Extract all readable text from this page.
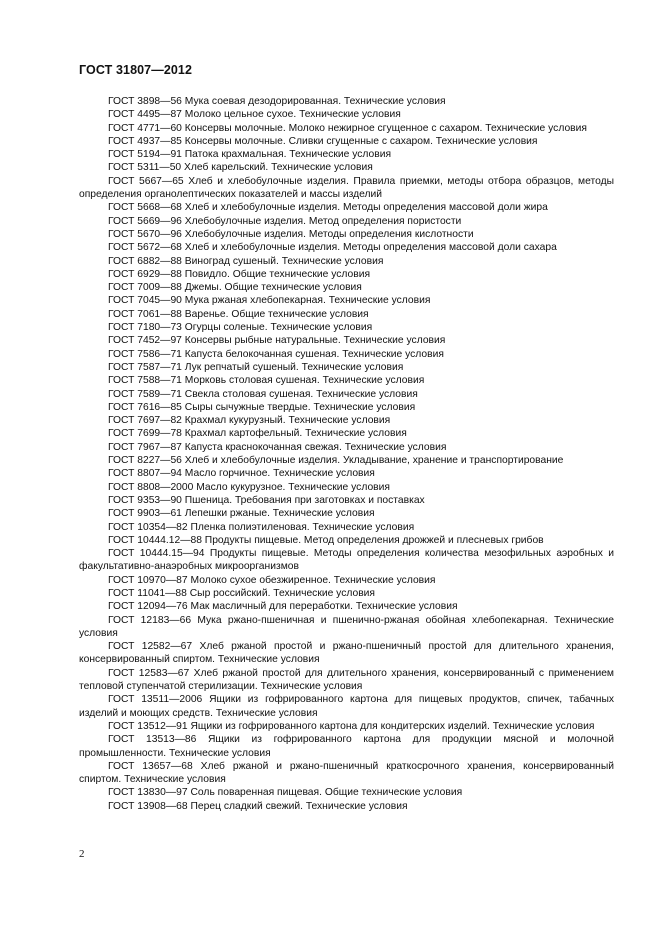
ГОСТ 31807—2012

ГОСТ 3898—56 Мука соевая дезодорированная. Технические условия

ГОСТ 4495—87 Молоко цельное сухое. Технические условия

ГОСТ 4771—60 Консервы молочные. Молоко нежирное сгущенное с сахаром. Технические условия

ГОСТ 4937—85 Консервы молочные. Сливки сгущенные с сахаром. Технические условия

ГОСТ 5194—91 Патока крахмальная. Технические условия

ГОСТ 5311—50 Хлеб карельский. Технические условия

ГОСТ 5667—65 Хлеб и хлебобулочные изделия. Правила приемки, методы отбора образцов, методы определения органолептических показателей и массы изделий

ГОСТ 5668—68 Хлеб и хлебобулочные изделия. Методы определения массовой доли жира

ГОСТ 5669—96 Хлебобулочные изделия. Метод определения пористости

ГОСТ 5670—96 Хлебобулочные изделия. Методы определения кислотности

ГОСТ 5672—68 Хлеб и хлебобулочные изделия. Методы определения массовой доли сахара

ГОСТ 6882—88 Виноград сушеный. Технические условия

ГОСТ 6929—88 Повидло. Общие технические условия

ГОСТ 7009—88 Джемы. Общие технические условия

ГОСТ 7045—90 Мука ржаная хлебопекарная. Технические условия

ГОСТ 7061—88 Варенье. Общие технические условия

ГОСТ 7180—73 Огурцы соленые. Технические условия

ГОСТ 7452—97 Консервы рыбные натуральные. Технические условия

ГОСТ 7586—71 Капуста белокочанная сушеная. Технические условия

ГОСТ 7587—71 Лук репчатый сушеный. Технические условия

ГОСТ 7588—71 Морковь столовая сушеная. Технические условия

ГОСТ 7589—71 Свекла столовая сушеная. Технические условия

ГОСТ 7616—85 Сыры сычужные твердые. Технические условия

ГОСТ 7697—82 Крахмал кукурузный. Технические условия

ГОСТ 7699—78 Крахмал картофельный. Технические условия

ГОСТ 7967—87 Капуста краснокочанная свежая. Технические условия

ГОСТ 8227—56 Хлеб и хлебобулочные изделия. Укладывание, хранение и транспортирование

ГОСТ 8807—94 Масло горчичное. Технические условия

ГОСТ 8808—2000 Масло кукурузное. Технические условия

ГОСТ 9353—90 Пшеница. Требования при заготовках и поставках

ГОСТ 9903—61 Лепешки ржаные. Технические условия

ГОСТ 10354—82 Пленка полиэтиленовая. Технические условия

ГОСТ 10444.12—88 Продукты пищевые. Метод определения дрожжей и плесневых грибов

ГОСТ 10444.15—94 Продукты пищевые. Методы определения количества мезофильных аэробных и факультативно-анаэробных микроорганизмов

ГОСТ 10970—87 Молоко сухое обезжиренное. Технические условия

ГОСТ 11041—88 Сыр российский. Технические условия

ГОСТ 12094—76 Мак масличный для переработки. Технические условия

ГОСТ 12183—66 Мука ржано-пшеничная и пшенично-ржаная обойная хлебопекарная. Технические условия

ГОСТ 12582—67 Хлеб ржаной простой и ржано-пшеничный простой для длительного хранения, консервированный спиртом. Технические условия

ГОСТ 12583—67 Хлеб ржаной простой для длительного хранения, консервированный с применением тепловой ступенчатой стерилизации. Технические условия

ГОСТ 13511—2006 Ящики из гофрированного картона для пищевых продуктов, спичек, табачных изделий и моющих средств. Технические условия

ГОСТ 13512—91 Ящики из гофрированного картона для кондитерских изделий. Технические условия

ГОСТ 13513—86 Ящики из гофрированного картона для продукции мясной и молочной промышленности. Технические условия

ГОСТ 13657—68 Хлеб ржаной и ржано-пшеничный краткосрочного хранения, консервированный спиртом. Технические условия

ГОСТ 13830—97 Соль поваренная пищевая. Общие технические условия

ГОСТ 13908—68 Перец сладкий свежий. Технические условия

2
